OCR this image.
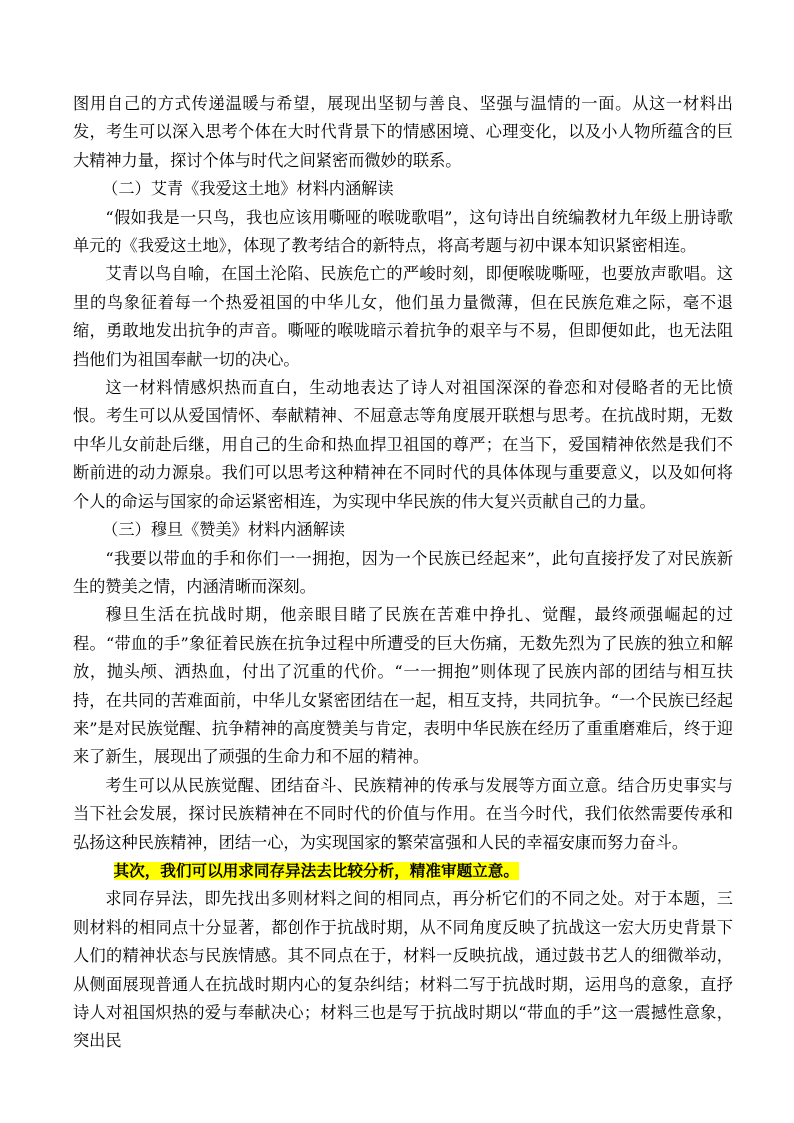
图用自己的方式传递温暖与希望，展现出坚韧与善良、坚强与温情的一面。从这一材料出发，考生可以深入思考个体在大时代背景下的情感困境、心理变化，以及小人物所蕴含的巨大精神力量，探讨个体与时代之间紧密而微妙的联系。

（二）艾青《我爱这土地》材料内涵解读

“假如我是一只鸟，我也应该用嘶哑的喉咙歌唱”，这句诗出自统编教材九年级上册诗歌单元的《我爱这土地》，体现了教考结合的新特点，将高考题与初中课本知识紧密相连。

艾青以鸟自喻，在国土沦陷、民族危亡的严峻时刻，即便喉咙嘶哑，也要放声歌唱。这里的鸟象征着每一个热爱祖国的中华儿女，他们虽力量微薄，但在民族危难之际，毫不退缩，勇敢地发出抗争的声音。嘶哑的喉咙暗示着抗争的艰辛与不易，但即便如此，也无法阻挡他们为祖国奉献一切的决心。

这一材料情感炽热而直白，生动地表达了诗人对祖国深深的眷恋和对侵略者的无比愤恨。考生可以从爱国情怀、奉献精神、不屈意志等角度展开联想与思考。在抗战时期，无数中华儿女前赴后继，用自己的生命和热血捍卫祖国的尊严；在当下，爱国精神依然是我们不断前进的动力源泉。我们可以思考这种精神在不同时代的具体体现与重要意义，以及如何将个人的命运与国家的命运紧密相连，为实现中华民族的伟大复兴贡献自己的力量。

（三）穆旦《赞美》材料内涵解读

“我要以带血的手和你们一一拥抱，因为一个民族已经起来”，此句直接抒发了对民族新生的赞美之情，内涵清晰而深刻。

穆旦生活在抗战时期，他亲眼目睹了民族在苦难中挣扎、觉醒，最终顽强崛起的过程。“带血的手”象征着民族在抗争过程中所遭受的巨大伤痛，无数先烈为了民族的独立和解放，抛头颅、洒热血，付出了沉重的代价。“一一拥抱”则体现了民族内部的团结与相互扶持，在共同的苦难面前，中华儿女紧密团结在一起，相互支持，共同抗争。“一个民族已经起来”是对民族觉醒、抗争精神的高度赞美与肯定，表明中华民族在经历了重重磨难后，终于迎来了新生，展现出了顽强的生命力和不屈的精神。

考生可以从民族觉醒、团结奋斗、民族精神的传承与发展等方面立意。结合历史事实与当下社会发展，探讨民族精神在不同时代的价值与作用。在当今时代，我们依然需要传承和弘扬这种民族精神，团结一心，为实现国家的繁荣富强和人民的幸福安康而努力奋斗。

其次，我们可以用求同存异法去比较分析，精准审题立意。

求同存异法，即先找出多则材料之间的相同点，再分析它们的不同之处。对于本题，三则材料的相同点十分显著，都创作于抗战时期，从不同角度反映了抗战这一宏大历史背景下人们的精神状态与民族情感。其不同点在于，材料一反映抗战，通过鼓书艺人的细微举动，从侧面展现普通人在抗战时期内心的复杂纠结；材料二写于抗战时期，运用鸟的意象，直抒诗人对祖国炽热的爱与奉献决心；材料三也是写于抗战时期以“带血的手”这一震撼性意象，突出民
